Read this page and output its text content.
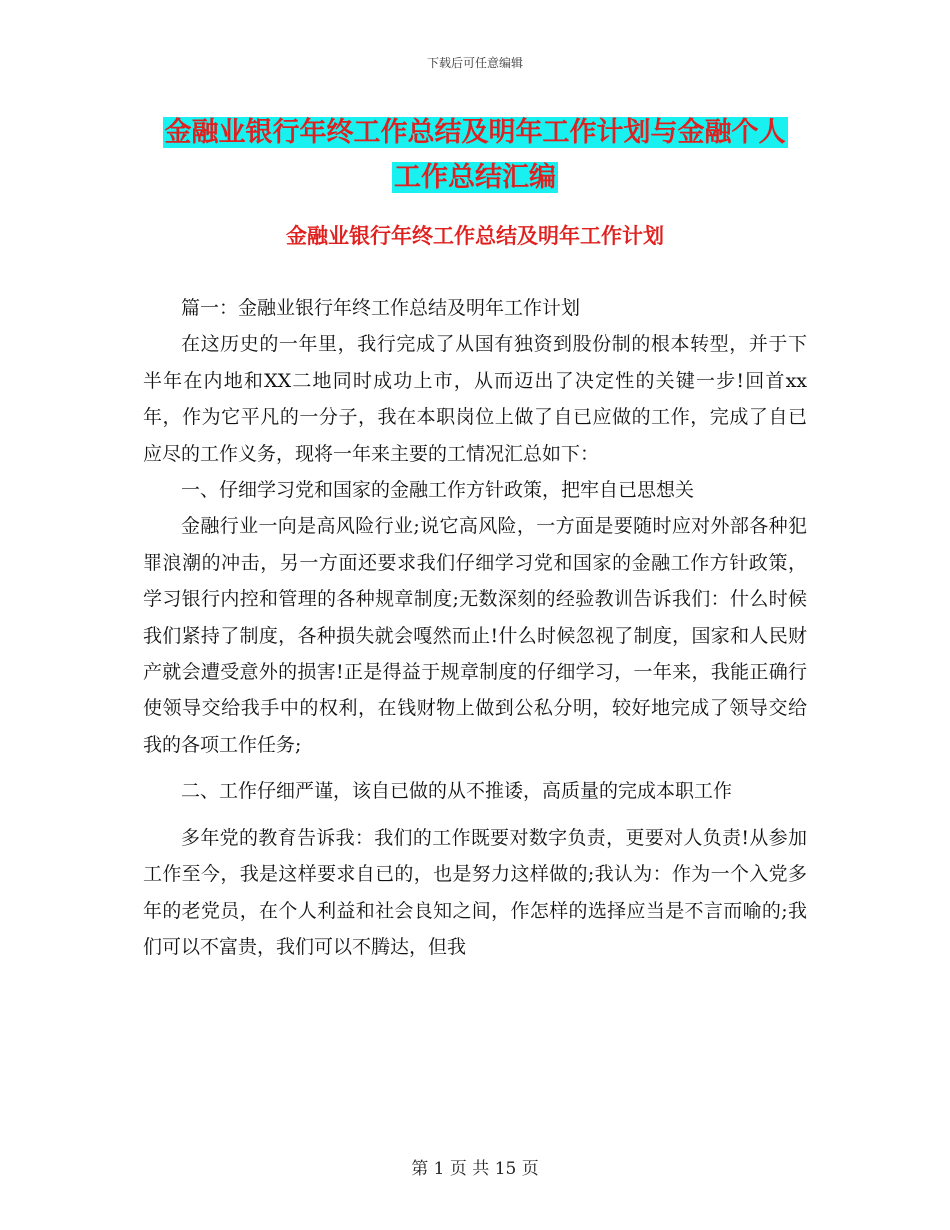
下载后可任意编辑
金融业银行年终工作总结及明年工作计划与金融个人
工作总结汇编
金融业银行年终工作总结及明年工作计划

篇一：金融业银行年终工作总结及明年工作计划

在这历史的一年里，我行完成了从国有独资到股份制的根本转型，并于下半年在内地和XX二地同时成功上市，从而迈出了决定性的关键一步!回首xx年，作为它平凡的一分子，我在本职岗位上做了自已应做的工作，完成了自已应尽的工作义务，现将一年来主要的工情况汇总如下：

一、仔细学习党和国家的金融工作方针政策，把牢自已思想关

金融行业一向是高风险行业;说它高风险，一方面是要随时应对外部各种犯罪浪潮的冲击，另一方面还要求我们仔细学习党和国家的金融工作方针政策，学习银行内控和管理的各种规章制度;无数深刻的经验教训告诉我们：什么时候我们紧持了制度，各种损失就会嘎然而止!什么时候忽视了制度，国家和人民财产就会遭受意外的损害!正是得益于规章制度的仔细学习，一年来，我能正确行使领导交给我手中的权利，在钱财物上做到公私分明，较好地完成了领导交给我的各项工作任务;

二、工作仔细严谨，该自已做的从不推诿，高质量的完成本职工作

多年党的教育告诉我：我们的工作既要对数字负责，更要对人负责!从参加工作至今，我是这样要求自已的，也是努力这样做的;我认为：作为一个入党多年的老党员，在个人利益和社会良知之间，作怎样的选择应当是不言而喻的;我们可以不富贵，我们可以不腾达，但我

第 1 页 共 15 页
